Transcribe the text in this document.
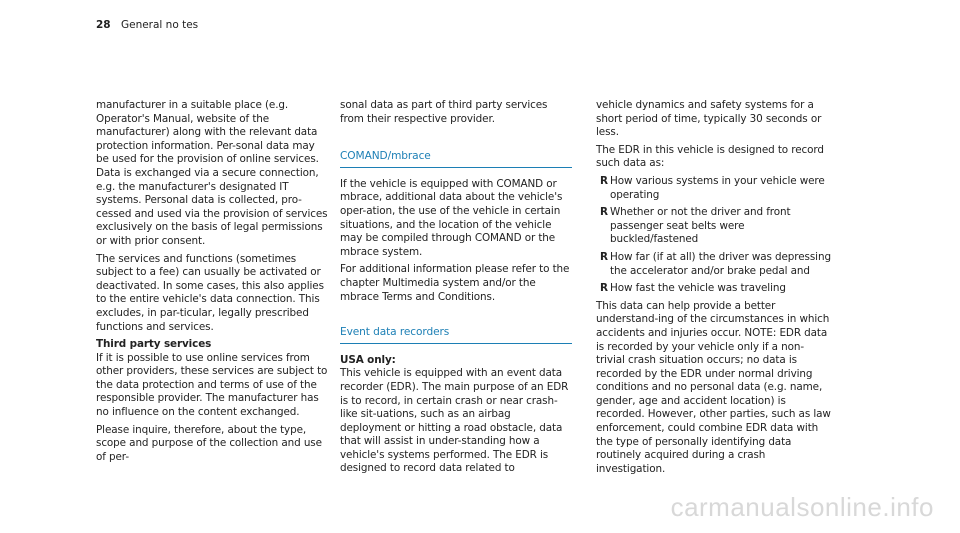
28 General no tes

manufacturer in a suitable place (e.g. Operator's Manual, website of the manufacturer) along with the relevant data protection information. Per-sonal data may be used for the provision of online services. Data is exchanged via a secure connection, e.g. the manufacturer's designated IT systems. Personal data is collected, pro-cessed and used via the provision of services exclusively on the basis of legal permissions or with prior consent.

The services and functions (sometimes subject to a fee) can usually be activated or deactivated. In some cases, this also applies to the entire vehicle's data connection. This excludes, in par-ticular, legally prescribed functions and services.

Third party services

If it is possible to use online services from other providers, these services are subject to the data protection and terms of use of the responsible provider. The manufacturer has no influence on the content exchanged.

Please inquire, therefore, about the type, scope and purpose of the collection and use of per-

sonal data as part of third party services from their respective provider.

COMAND/mbrace

If the vehicle is equipped with COMAND or mbrace, additional data about the vehicle's oper-ation, the use of the vehicle in certain situations, and the location of the vehicle may be compiled through COMAND or the mbrace system.

For additional information please refer to the chapter Multimedia system and/or the mbrace Terms and Conditions.

Event data recorders
USA only:

This vehicle is equipped with an event data recorder (EDR). The main purpose of an EDR is to record, in certain crash or near crash-like sit-uations, such as an airbag deployment or hitting a road obstacle, data that will assist in under-standing how a vehicle's systems performed. The EDR is designed to record data related to

vehicle dynamics and safety systems for a short period of time, typically 30 seconds or less.

The EDR in this vehicle is designed to record such data as:

R How various systems in your vehicle were operating
R Whether or not the driver and front passenger seat belts were buckled/fastened
R How far (if at all) the driver was depressing the accelerator and/or brake pedal and
R How fast the vehicle was traveling

This data can help provide a better understand-ing of the circumstances in which accidents and injuries occur. NOTE: EDR data is recorded by your vehicle only if a non-trivial crash situation occurs; no data is recorded by the EDR under normal driving conditions and no personal data (e.g. name, gender, age and accident location) is recorded. However, other parties, such as law enforcement, could combine EDR data with the type of personally identifying data routinely acquired during a crash investigation.

carmanualsonline.info
